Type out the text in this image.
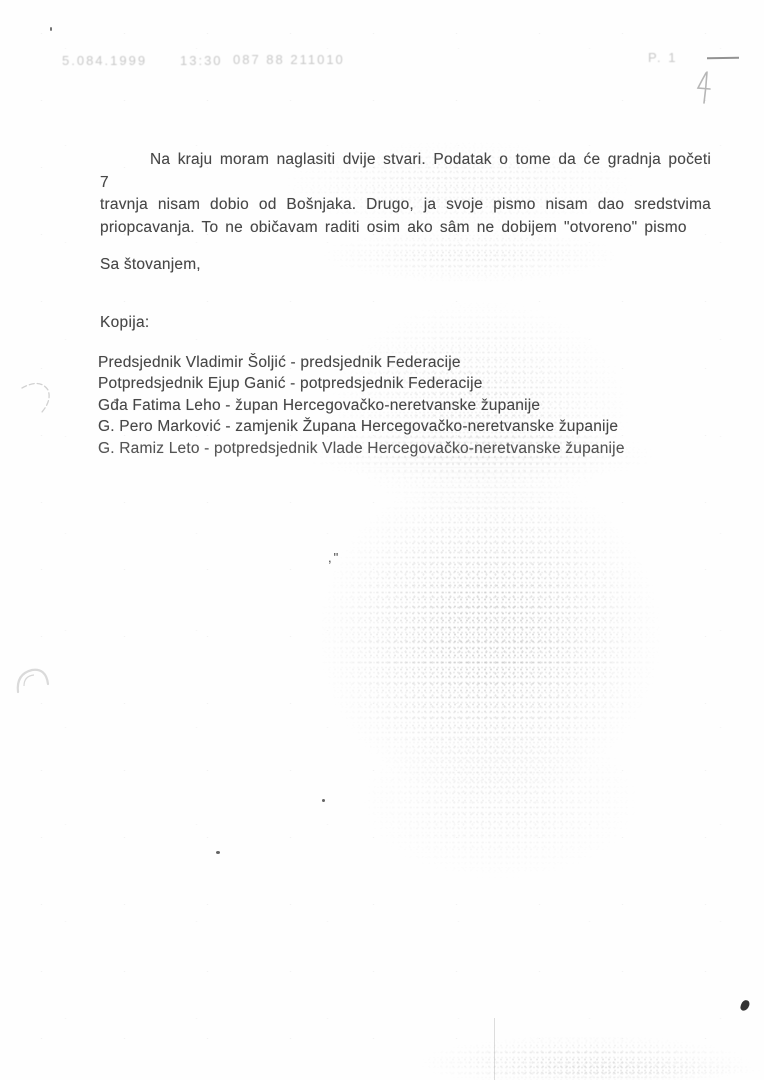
5.084.1999	13:30 087 88 211010	P. 1
Na kraju moram naglasiti dvije stvari. Podatak o tome da će gradnja početi 7
travnja nisam dobio od Bošnjaka. Drugo, ja svoje pismo nisam dao sredstvima
priopcavanja. To ne običavam raditi osim ako sâm ne dobijem "otvoreno" pismo
Sa štovanjem,
Kopija:
Predsjednik Vladimir Šoljić - predsjednik Federacije
Potpredsjednik Ejup Ganić - potpredsjednik Federacije
Gđa Fatima Leho - župan Hercegovačko-neretvanske županije
G. Pero Marković - zamjenik Župana Hercegovačko-neretvanske županije
G. Ramiz Leto - potpredsjednik Vlade Hercegovačko-neretvanske županije
,"
